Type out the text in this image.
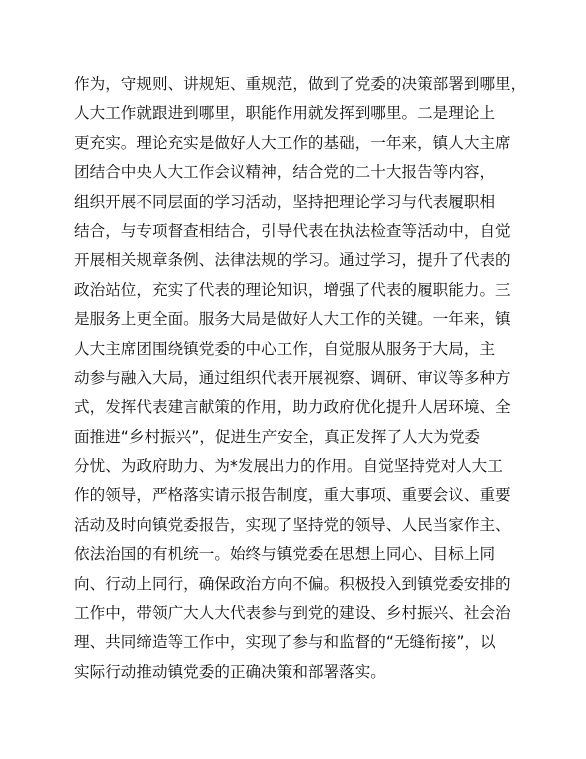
作为，守规则、讲规矩、重规范，做到了党委的决策部署到哪里，
人大工作就跟进到哪里，职能作用就发挥到哪里。二是理论上
更充实。理论充实是做好人大工作的基础，一年来，镇人大主席
团结合中央人大工作会议精神，结合党的二十大报告等内容，
组织开展不同层面的学习活动，坚持把理论学习与代表履职相
结合，与专项督查相结合，引导代表在执法检查等活动中，自觉
开展相关规章条例、法律法规的学习。通过学习，提升了代表的
政治站位，充实了代表的理论知识，增强了代表的履职能力。三
是服务上更全面。服务大局是做好人大工作的关键。一年来，镇
人大主席团围绕镇党委的中心工作，自觉服从服务于大局，主
动参与融入大局，通过组织代表开展视察、调研、审议等多种方
式，发挥代表建言献策的作用，助力政府优化提升人居环境、全
面推进“乡村振兴”，促进生产安全，真正发挥了人大为党委
分忧、为政府助力、为*发展出力的作用。自觉坚持党对人大工
作的领导，严格落实请示报告制度，重大事项、重要会议、重要
活动及时向镇党委报告，实现了坚持党的领导、人民当家作主、
依法治国的有机统一。始终与镇党委在思想上同心、目标上同
向、行动上同行，确保政治方向不偏。积极投入到镇党委安排的
工作中，带领广大人大代表参与到党的建设、乡村振兴、社会治
理、共同缔造等工作中，实现了参与和监督的“无缝衔接”，以
实际行动推动镇党委的正确决策和部署落实。
